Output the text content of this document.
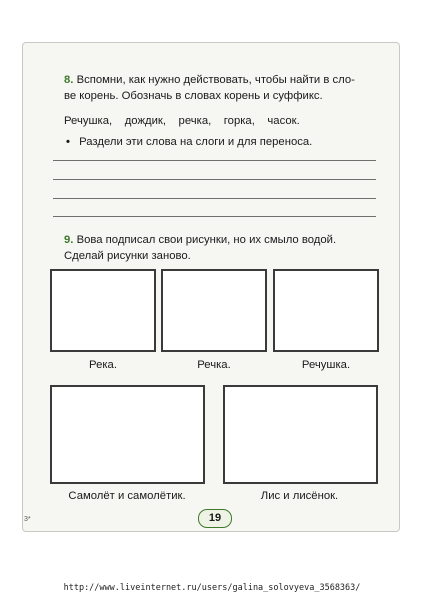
8. Вспомни, как нужно действовать, чтобы найти в сло-
ве корень. Обозначь в словах корень и суффикс.
Речушка,    дождик,    речка,    горка,    часок.
• Раздели эти слова на слоги и для переноса.
9. Вова подписал свои рисунки, но их смыло водой.
Сделай рисунки заново.
Река.	Речка.	Речушка.
Самолёт и самолётик.	Лис и лисёнок.
3*	19
http://www.liveinternet.ru/users/galina_solovyeva_3568363/
